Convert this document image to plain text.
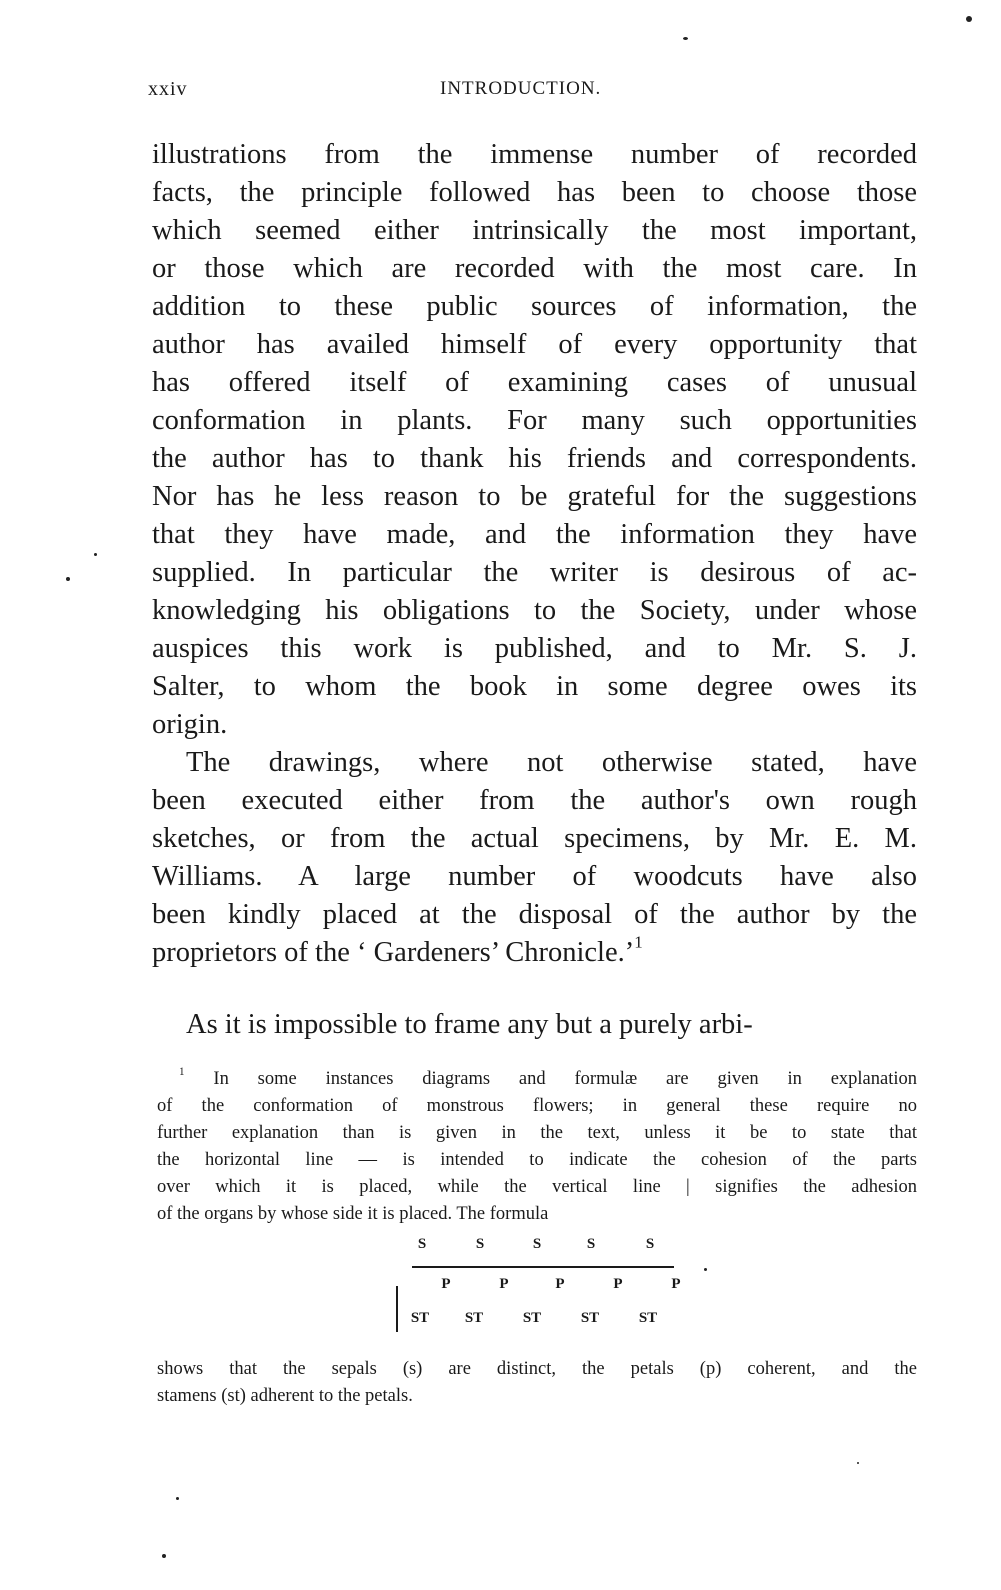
xxiv	INTRODUCTION.
illustrations from the immense number of recorded
facts, the principle followed has been to choose those
which seemed either intrinsically the most important,
or those which are recorded with the most care. In
addition to these public sources of information, the
author has availed himself of every opportunity that
has offered itself of examining cases of unusual
conformation in plants. For many such opportunities
the author has to thank his friends and correspondents.
Nor has he less reason to be grateful for the suggestions
that they have made, and the information they have
supplied. In particular the writer is desirous of ac-
knowledging his obligations to the Society, under whose
auspices this work is published, and to Mr. S. J.
Salter, to whom the book in some degree owes its
origin.
The drawings, where not otherwise stated, have
been executed either from the author's own rough
sketches, or from the actual specimens, by Mr. E. M.
Williams. A large number of woodcuts have also
been kindly placed at the disposal of the author by the
proprietors of the ‘ Gardeners’ Chronicle.’$^1$
As it is impossible to frame any but a purely arbi-
$^1$ In some instances diagrams and formulæ are given in explanation
of the conformation of monstrous flowers; in general these require no
further explanation than is given in the text, unless it be to state that
the horizontal line — is intended to indicate the cohesion of the parts
over which it is placed, while the vertical line | signifies the adhesion
of the organs by whose side it is placed. The formula
shows that the sepals (s) are distinct, the petals (p) coherent, and the
stamens (st) adherent to the petals.
S	S	S	S	S
P	P	P	P	P
ST	ST	ST	ST	ST
